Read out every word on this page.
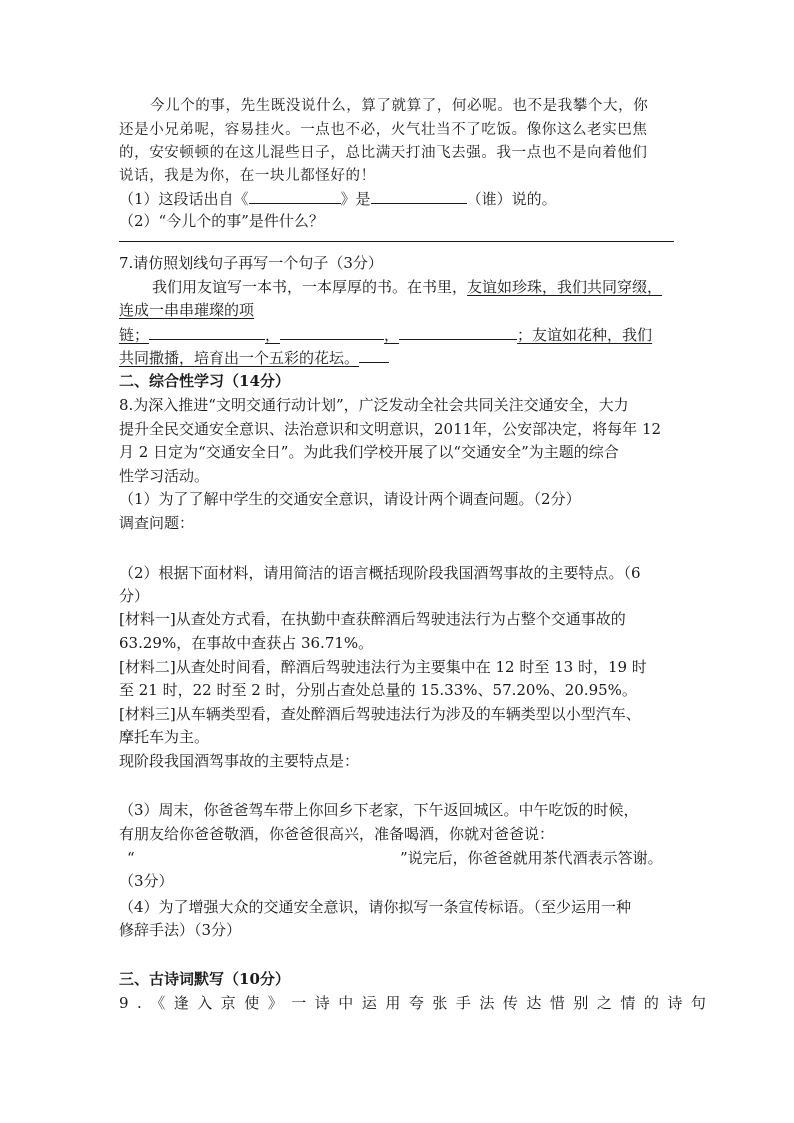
今儿个的事，先生既没说什么，算了就算了，何必呢。也不是我攀个大，你
还是小兄弟呢，容易挂火。一点也不必，火气壮当不了吃饭。像你这么老实巴焦
的，安安顿顿的在这儿混些日子，总比满天打油飞去强。我一点也不是向着他们
说话，我是为你，在一块儿都怪好的！
（1）这段话出自《	》是	（谁）说的。
（2）“今儿个的事”是件什么？
7.请仿照划线句子再写一个句子（3分）
我们用友谊写一本书，一本厚厚的书。在书里，友谊如珍珠，我们共同穿缀，
连成一串串璀璨的项
链；	，	，	；友谊如花种，我们
共同撒播，培育出一个五彩的花坛。
二、综合性学习（14分）
8.为深入推进“文明交通行动计划”，广泛发动全社会共同关注交通安全，大力
提升全民交通安全意识、法治意识和文明意识，2011年，公安部决定，将每年 12
月 2 日定为“交通安全日”。为此我们学校开展了以“交通安全”为主题的综合
性学习活动。
（1）为了了解中学生的交通安全意识，请设计两个调查问题。（2分）
调查问题：
（2）根据下面材料，请用简洁的语言概括现阶段我国酒驾事故的主要特点。（6
分）
[材料一]从查处方式看，在执勤中查获醉酒后驾驶违法行为占整个交通事故的
63.29%，在事故中查获占 36.71%。
[材料二]从查处时间看，醉酒后驾驶违法行为主要集中在 12 时至 13 时，19 时
至 21 时，22 时至 2 时，分别占查处总量的 15.33%、57.20%、20.95%。
[材料三]从车辆类型看，查处醉酒后驾驶违法行为涉及的车辆类型以小型汽车、
摩托车为主。
现阶段我国酒驾事故的主要特点是：
（3）周末，你爸爸驾车带上你回乡下老家，下午返回城区。中午吃饭的时候，
有朋友给你爸爸敬酒，你爸爸很高兴，准备喝酒，你就对爸爸说：
“	”说完后，你爸爸就用茶代酒表示答谢。
（3分）
（4）为了增强大众的交通安全意识，请你拟写一条宣传标语。（至少运用一种
修辞手法）（3分）
三、古诗词默写（10分）
9.《逢入京使》一诗中运用夸张手法传达惜别之情的诗句
